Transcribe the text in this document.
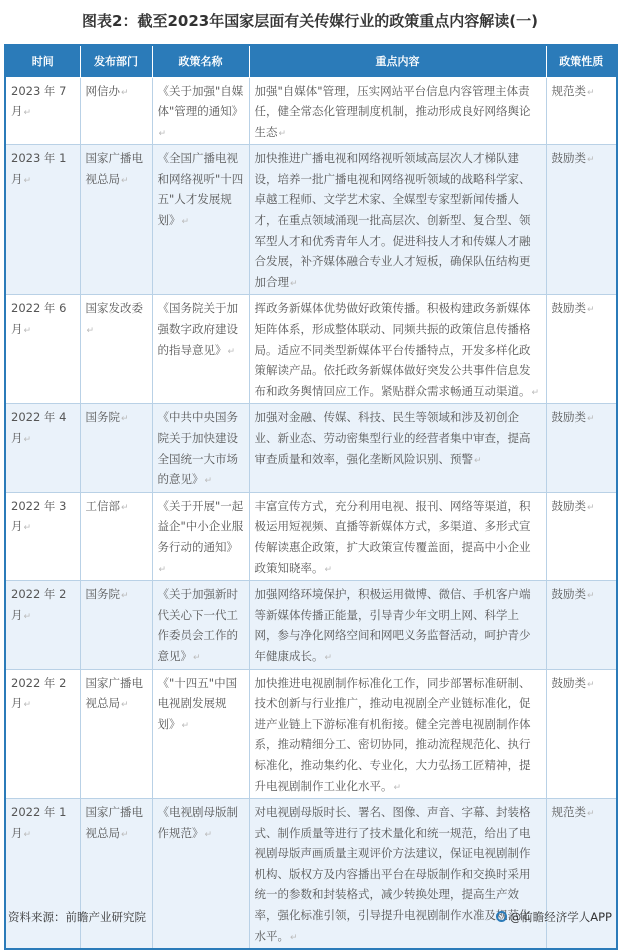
图表2：截至2023年国家层面有关传媒行业的政策重点内容解读(一)
时间	发布部门	政策名称	重点内容	政策性质
2023 年 7 月↵	网信办↵	《关于加强"自媒体"管理的通知》↵	加强"自媒体"管理，压实网站平台信息内容管理主体责任，健全常态化管理制度机制，推动形成良好网络舆论生态↵	规范类↵
2023 年 1 月↵	国家广播电视总局↵	《全国广播电视和网络视听"十四五"人才发展规划》↵	加快推进广播电视和网络视听领域高层次人才梯队建设，培养一批广播电视和网络视听领域的战略科学家、卓越工程师、文学艺术家、全媒型专家型新闻传播人才，在重点领域涌现一批高层次、创新型、复合型、领军型人才和优秀青年人才。促进科技人才和传媒人才融合发展，补齐媒体融合专业人才短板，确保队伍结构更加合理↵	鼓励类↵
2022 年 6 月↵	国家发改委↵	《国务院关于加强数字政府建设的指导意见》↵	挥政务新媒体优势做好政策传播。积极构建政务新媒体矩阵体系，形成整体联动、同频共振的政策信息传播格局。适应不同类型新媒体平台传播特点，开发多样化政策解读产品。依托政务新媒体做好突发公共事件信息发布和政务舆情回应工作。紧贴群众需求畅通互动渠道。↵	鼓励类↵
2022 年 4 月↵	国务院↵	《中共中央国务院关于加快建设全国统一大市场的意见》↵	加强对金融、传媒、科技、民生等领域和涉及初创企业、新业态、劳动密集型行业的经营者集中审查，提高审查质量和效率，强化垄断风险识别、预警↵	鼓励类↵
2022 年 3 月↵	工信部↵	《关于开展"一起益企"中小企业服务行动的通知》↵	丰富宣传方式，充分利用电视、报刊、网络等渠道，积极运用短视频、直播等新媒体方式，多渠道、多形式宣传解读惠企政策，扩大政策宣传覆盖面，提高中小企业政策知晓率。↵	鼓励类↵
2022 年 2 月↵	国务院↵	《关于加强新时代关心下一代工作委员会工作的意见》↵	加强网络环境保护，积极运用微博、微信、手机客户端等新媒体传播正能量，引导青少年文明上网、科学上网，参与净化网络空间和网吧义务监督活动，呵护青少年健康成长。↵	鼓励类↵
2022 年 2 月↵	国家广播电视总局↵	《"十四五"中国电视剧发展规划》↵	加快推进电视剧制作标准化工作，同步部署标准研制、技术创新与行业推广，推动电视剧全产业链标准化，促进产业链上下游标准有机衔接。健全完善电视剧制作体系，推动精细分工、密切协同，推动流程规范化、执行标准化，推动集约化、专业化，大力弘扬工匠精神，提升电视剧制作工业化水平。↵	鼓励类↵
2022 年 1 月↵	国家广播电视总局↵	《电视剧母版制作规范》↵	对电视剧母版时长、署名、图像、声音、字幕、封装格式、制作质量等进行了技术量化和统一规范，给出了电视剧母版声画质量主观评价方法建议，保证电视剧制作机构、版权方及内容播出平台在母版制作和交换时采用统一的参数和封装格式，减少转换处理，提高生产效率，强化标准引领，引导提升电视剧制作水准及规范化水平。↵	规范类↵
资料来源：前瞻产业研究院	@前瞻经济学人APP
